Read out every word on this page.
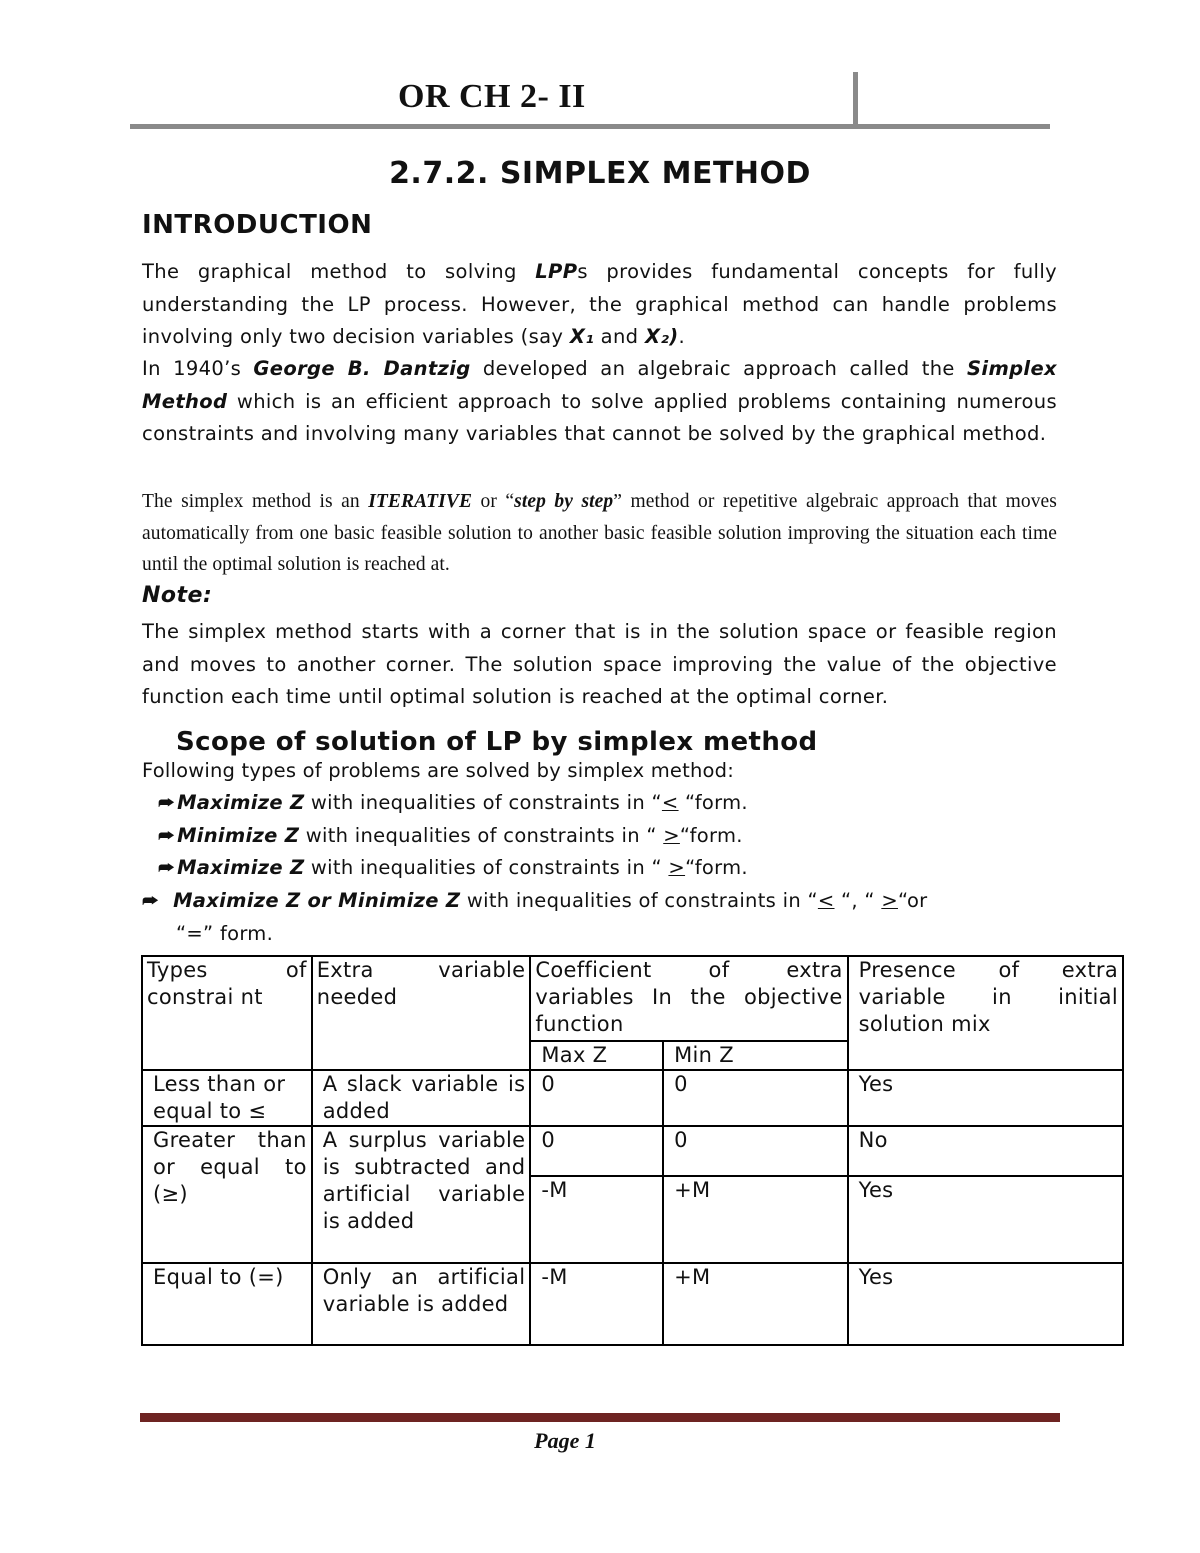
OR CH 2- II
2.7.2. SIMPLEX METHOD
INTRODUCTION

The graphical method to solving LPPs provides fundamental concepts for fully understanding the LP process. However, the graphical method can handle problems involving only two decision variables (say X₁ and X₂).

In 1940’s George B. Dantzig developed an algebraic approach called the Simplex Method which is an efficient approach to solve applied problems containing numerous constraints and involving many variables that cannot be solved by the graphical method.

The simplex method is an ITERATIVE or “step by step” method or repetitive algebraic approach that moves automatically from one basic feasible solution to another basic feasible solution improving the situation each time until the optimal solution is reached at.

Note:

The simplex method starts with a corner that is in the solution space or feasible region and moves to another corner. The solution space improving the value of the objective function each time until optimal solution is reached at the optimal corner.

Scope of solution of LP by simplex method
Following types of problems are solved by simplex method:
⮫ Maximize Z with inequalities of constraints in “< “form.
⮫ Minimize Z with inequalities of constraints in “ >“form.
⮫ Maximize Z with inequalities of constraints in “ >“form.
⮫ Maximize Z or Minimize Z with inequalities of constraints in “< “, “ >“or
“=” form.
Types of constrai nt	Extra variable needed	Coefficient of extra variables In the objective function		Presence of extra variable in initial solution mix
		Max Z	Min Z	
Less than or equal to ≤	A slack variable is added	0	0	Yes
Greater than or equal to (≥)	A surplus variable is subtracted and artificial variable is added	0	0	No
		-M	+M	Yes
Equal to (=)	Only an artificial variable is added	-M	+M	Yes
Page 1
